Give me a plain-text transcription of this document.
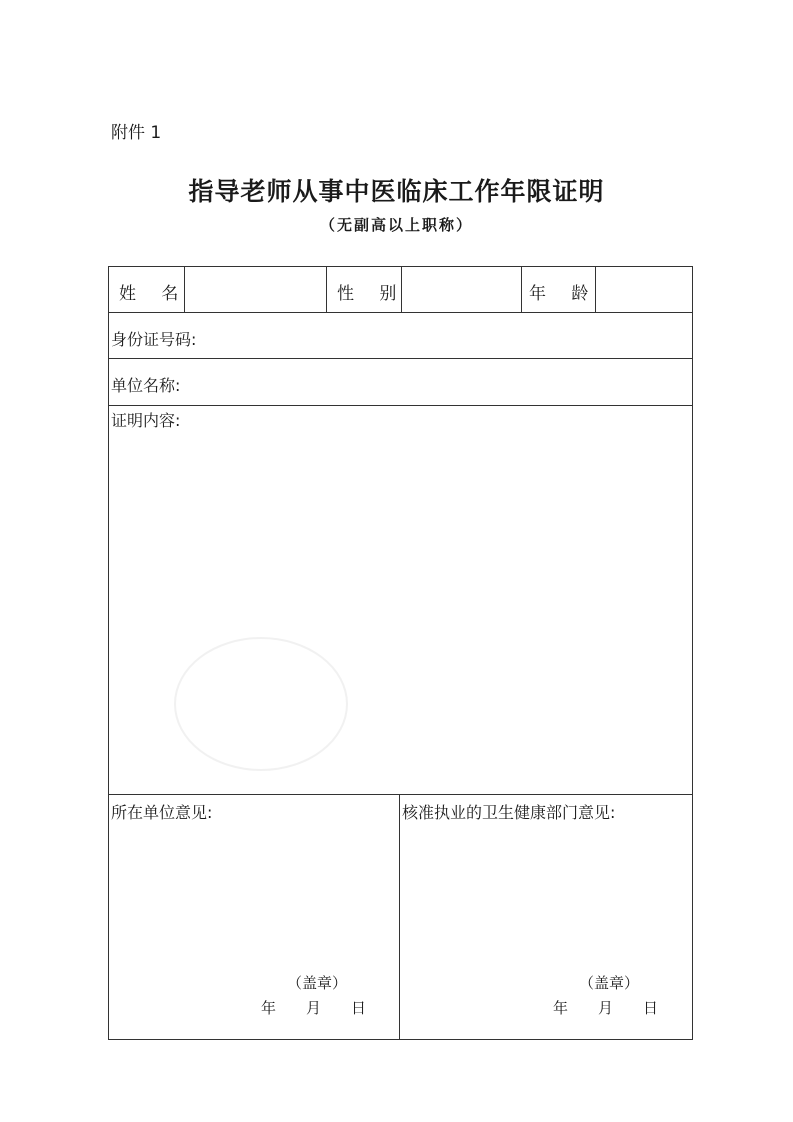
附件 1
指导老师从事中医临床工作年限证明
（无副高以上职称）
姓 名	性 别	年 龄
身份证号码:
单位名称:
证明内容:
所在单位意见:	核准执业的卫生健康部门意见:
（盖章）
年　　月　　日
（盖章）
年　　月　　日
